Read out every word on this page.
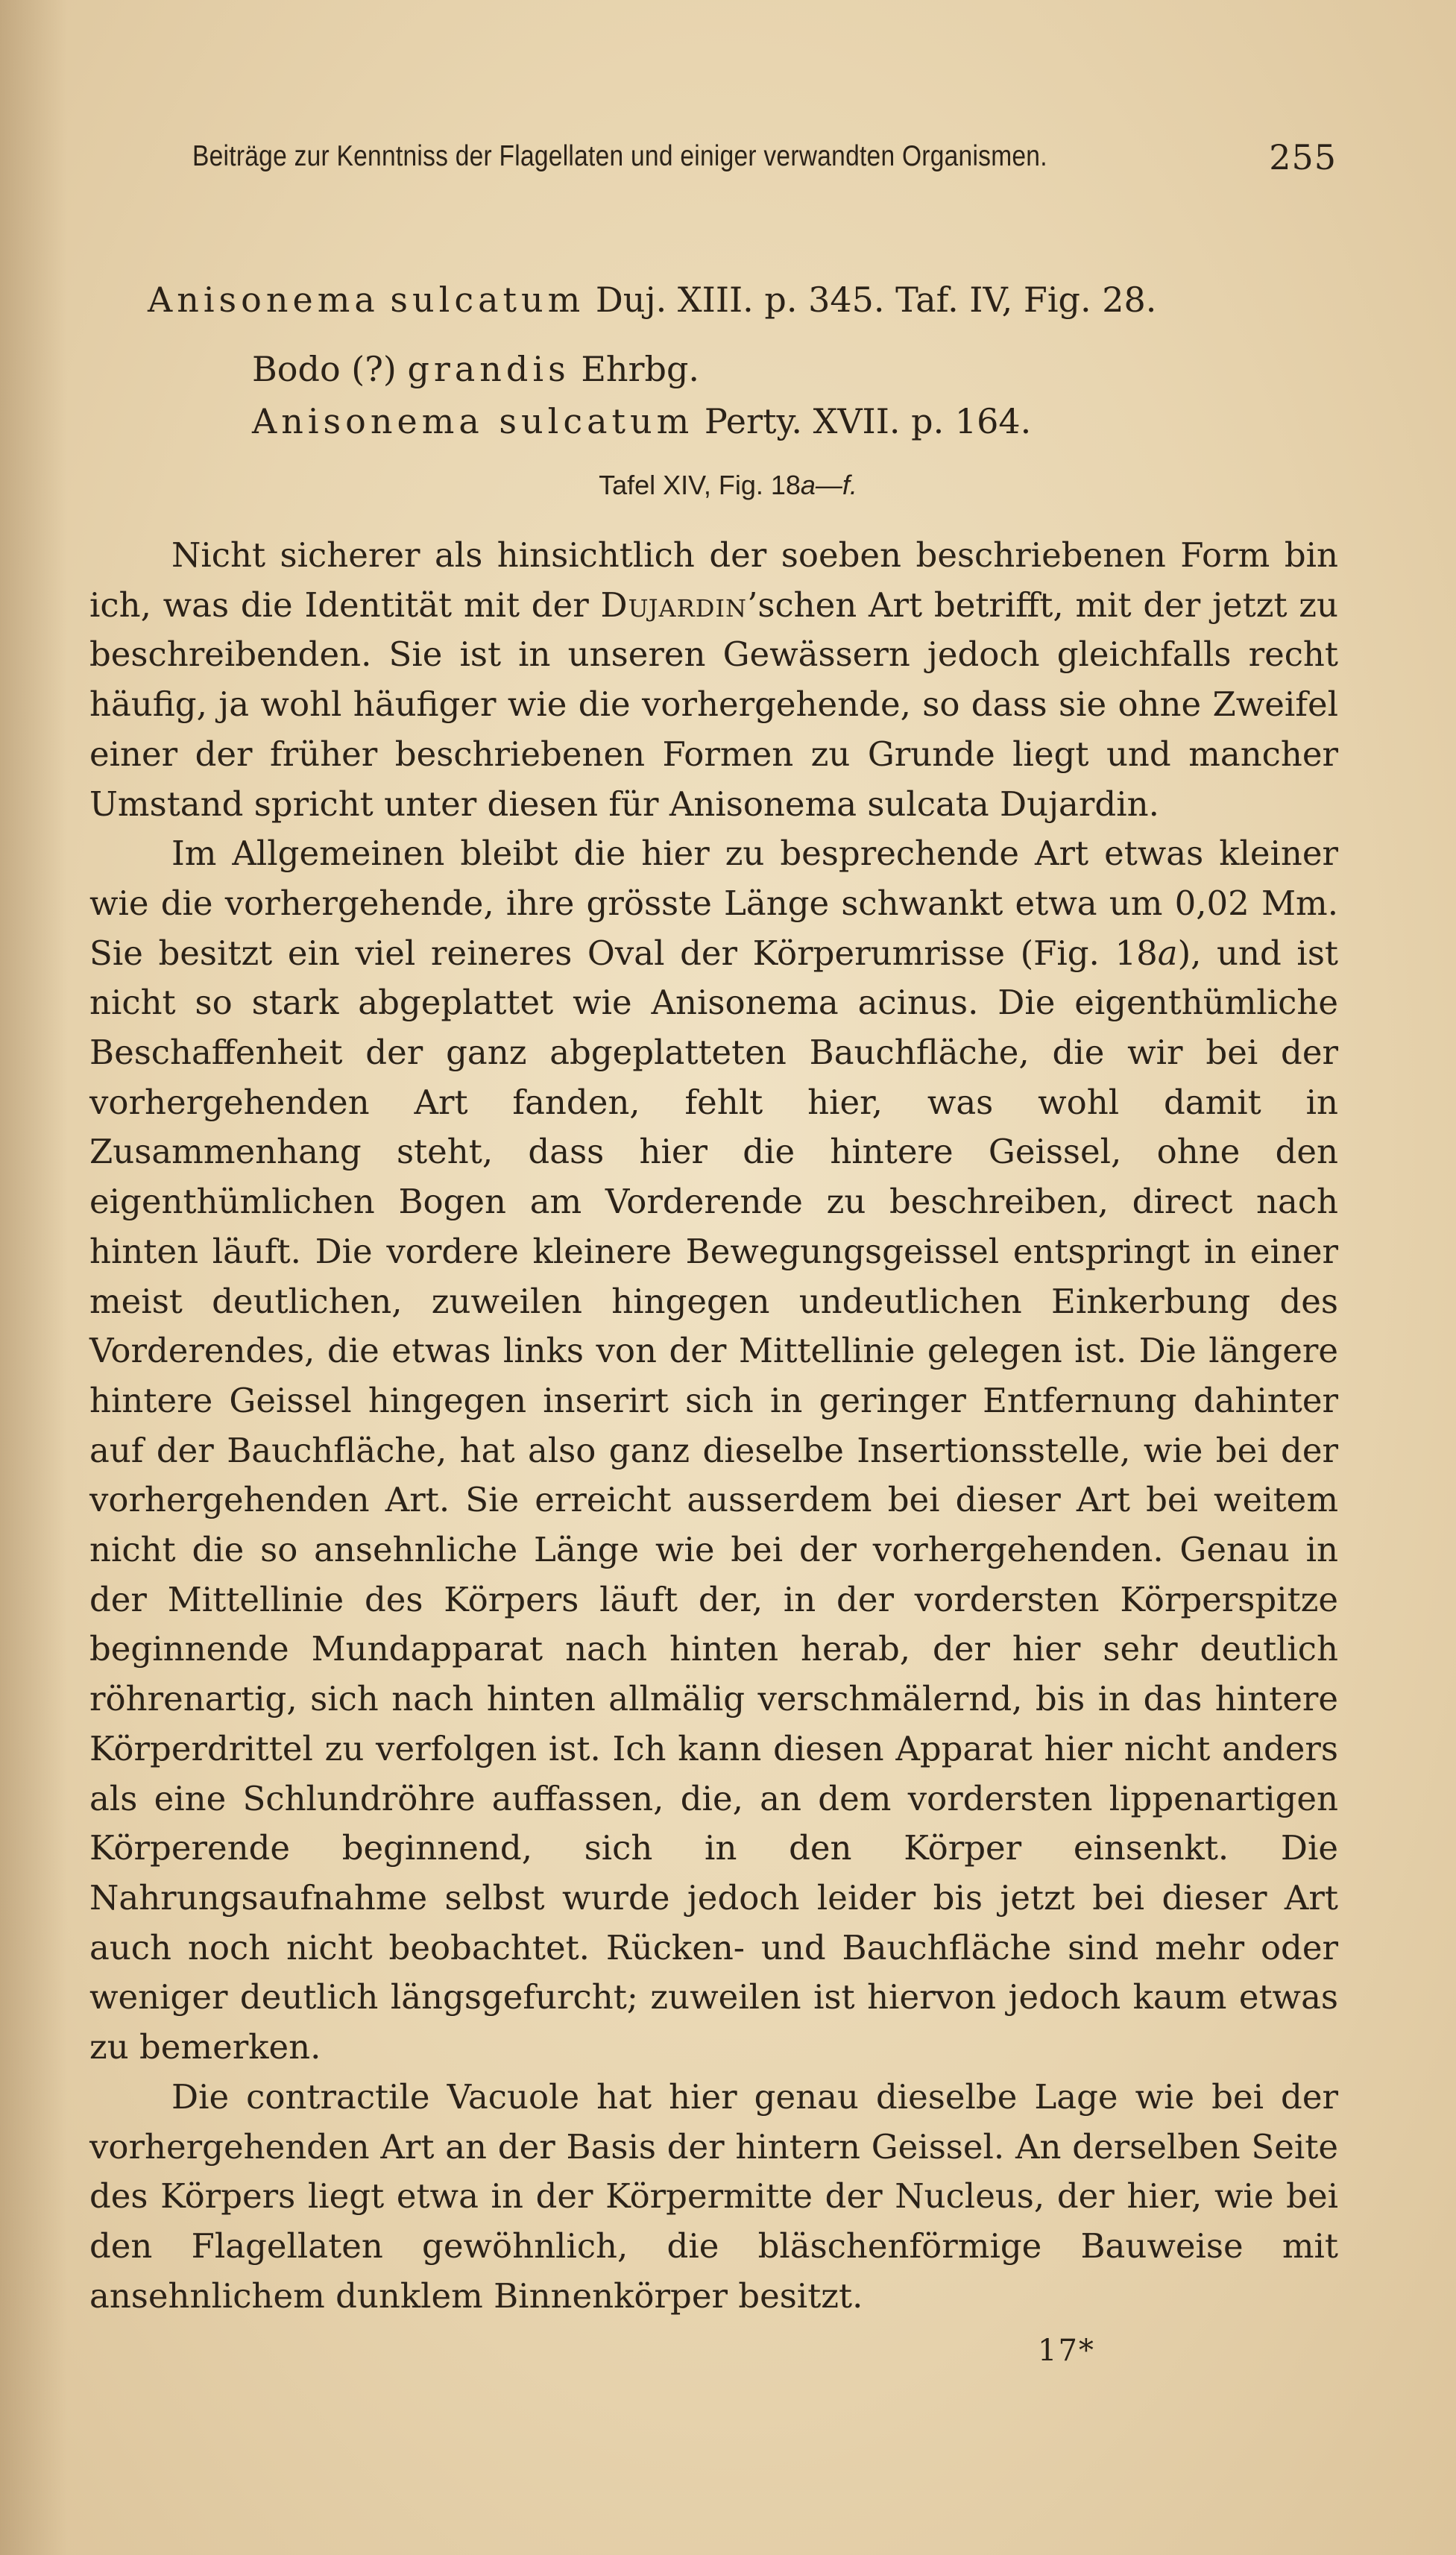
Beiträge zur Kenntniss der Flagellaten und einiger verwandten Organismen.	255
Anisonema sulcatum Duj. XIII. p. 345. Taf. IV, Fig. 28.
Bodo (?) grandis Ehrbg.
Anisonema sulcatum Perty. XVII. p. 164.
Tafel XIV, Fig. 18a—f.

Nicht sicherer als hinsichtlich der soeben beschriebenen Form bin ich, was die Identität mit der Dujardin’schen Art betrifft, mit der jetzt zu beschreibenden. Sie ist in unseren Gewässern jedoch gleichfalls recht häufig, ja wohl häufiger wie die vorhergehende, so dass sie ohne Zweifel einer der früher beschriebenen Formen zu Grunde liegt und mancher Umstand spricht unter diesen für Anisonema sulcata Dujardin.

Im Allgemeinen bleibt die hier zu besprechende Art etwas kleiner wie die vorhergehende, ihre grösste Länge schwankt etwa um 0,02 Mm. Sie besitzt ein viel reineres Oval der Körperumrisse (Fig. 18a), und ist nicht so stark abgeplattet wie Anisonema acinus. Die eigenthümliche Beschaffenheit der ganz abgeplatteten Bauchfläche, die wir bei der vorhergehenden Art fanden, fehlt hier, was wohl damit in Zusammenhang steht, dass hier die hintere Geissel, ohne den eigenthümlichen Bogen am Vorderende zu beschreiben, direct nach hinten läuft. Die vordere kleinere Bewegungsgeissel entspringt in einer meist deutlichen, zuweilen hingegen undeutlichen Einkerbung des Vorderendes, die etwas links von der Mittellinie gelegen ist. Die längere hintere Geissel hingegen inserirt sich in geringer Entfernung dahinter auf der Bauchfläche, hat also ganz dieselbe Insertionsstelle, wie bei der vorhergehenden Art. Sie erreicht ausserdem bei dieser Art bei weitem nicht die so ansehnliche Länge wie bei der vorhergehenden. Genau in der Mittellinie des Körpers läuft der, in der vordersten Körperspitze beginnende Mundapparat nach hinten herab, der hier sehr deutlich röhrenartig, sich nach hinten allmälig verschmälernd, bis in das hintere Körperdrittel zu verfolgen ist. Ich kann diesen Apparat hier nicht anders als eine Schlundröhre auffassen, die, an dem vordersten lippenartigen Körperende beginnend, sich in den Körper einsenkt. Die Nahrungsaufnahme selbst wurde jedoch leider bis jetzt bei dieser Art auch noch nicht beobachtet. Rücken- und Bauchfläche sind mehr oder weniger deutlich längsgefurcht; zuweilen ist hiervon jedoch kaum etwas zu bemerken.

Die contractile Vacuole hat hier genau dieselbe Lage wie bei der vorhergehenden Art an der Basis der hintern Geissel. An derselben Seite des Körpers liegt etwa in der Körpermitte der Nucleus, der hier, wie bei den Flagellaten gewöhnlich, die bläschenförmige Bauweise mit ansehnlichem dunklem Binnenkörper besitzt.

17*
